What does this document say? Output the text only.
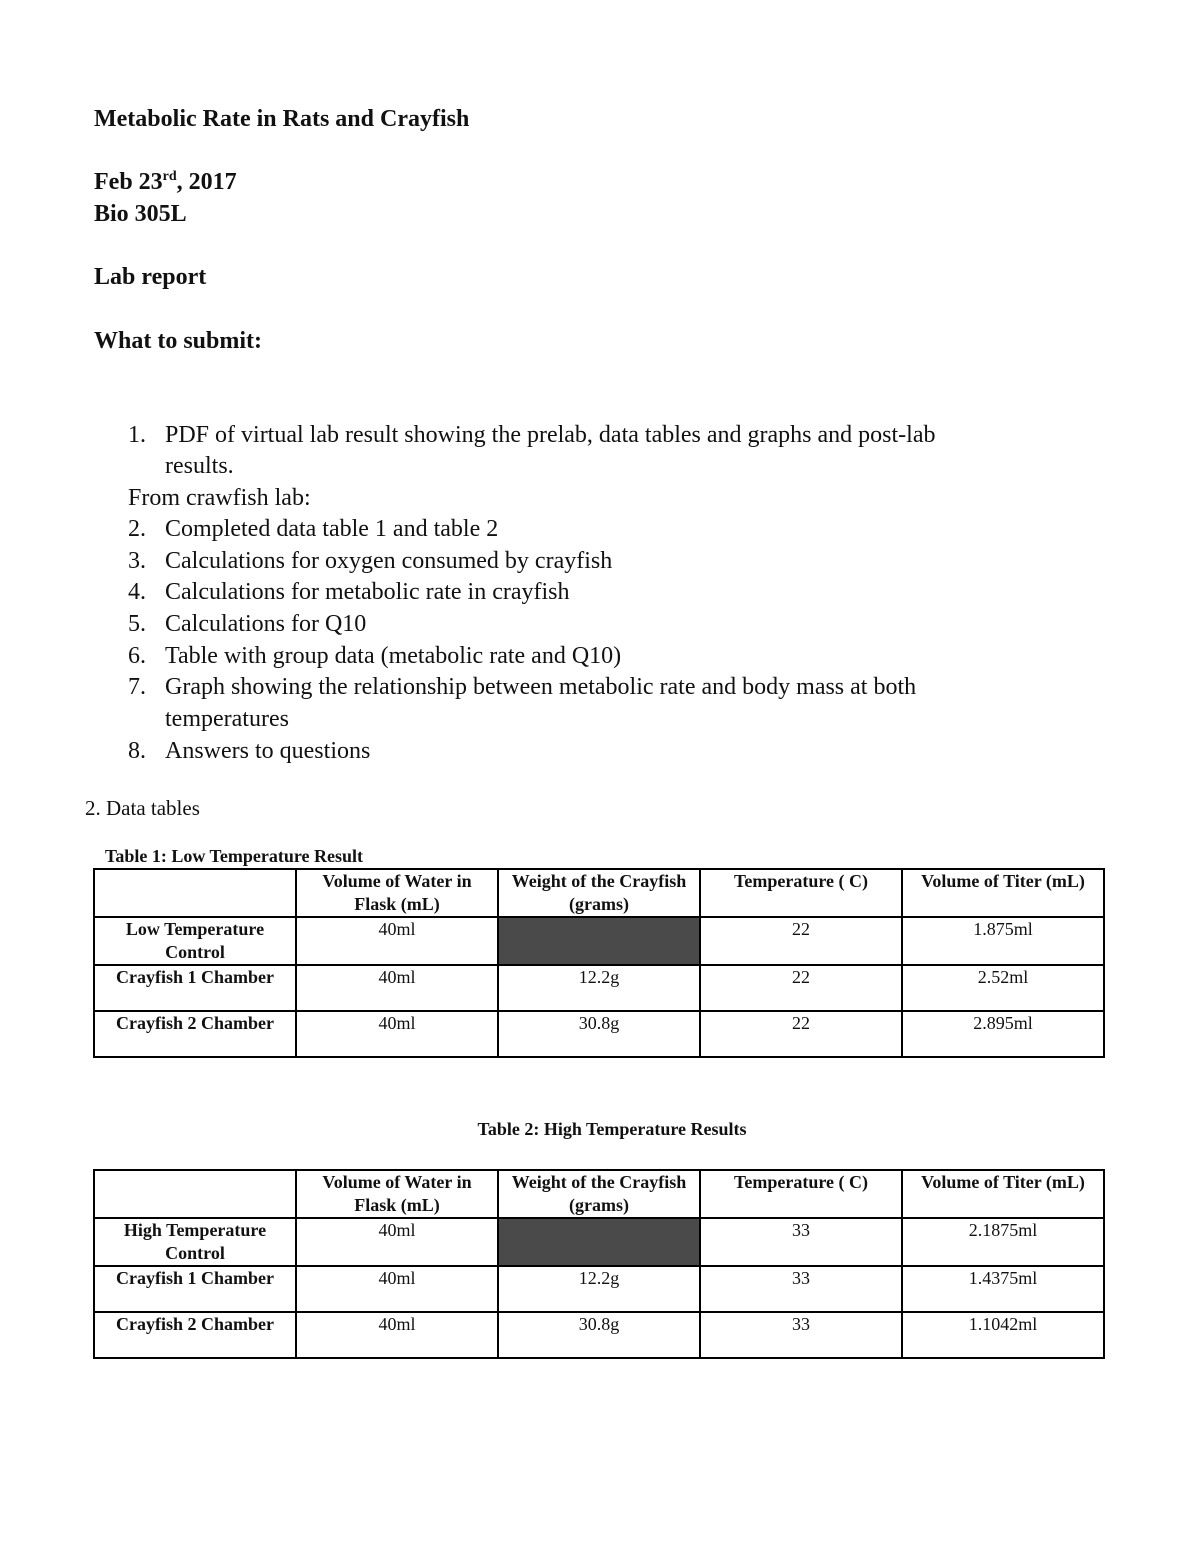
Metabolic Rate in Rats and Crayfish
Feb 23rd, 2017
Bio 305L
Lab report
What to submit:
1. PDF of virtual lab result showing the prelab, data tables and graphs and post-lab
results.
From crawfish lab:
2. Completed data table 1 and table 2
3. Calculations for oxygen consumed by crayfish
4. Calculations for metabolic rate in crayfish
5. Calculations for Q10
6. Table with group data (metabolic rate and Q10)
7. Graph showing the relationship between metabolic rate and body mass at both
temperatures
8. Answers to questions
2. Data tables
Table 1: Low Temperature Result
	Volume of Water in Flask (mL)	Weight of the Crayfish (grams)	Temperature ( C)	Volume of Titer (mL)
Low Temperature Control	40ml		22	1.875ml
Crayfish 1 Chamber	40ml	12.2g	22	2.52ml
Crayfish 2 Chamber	40ml	30.8g	22	2.895ml
Table 2: High Temperature Results
	Volume of Water in Flask (mL)	Weight of the Crayfish (grams)	Temperature ( C)	Volume of Titer (mL)
High Temperature Control	40ml		33	2.1875ml
Crayfish 1 Chamber	40ml	12.2g	33	1.4375ml
Crayfish 2 Chamber	40ml	30.8g	33	1.1042ml
